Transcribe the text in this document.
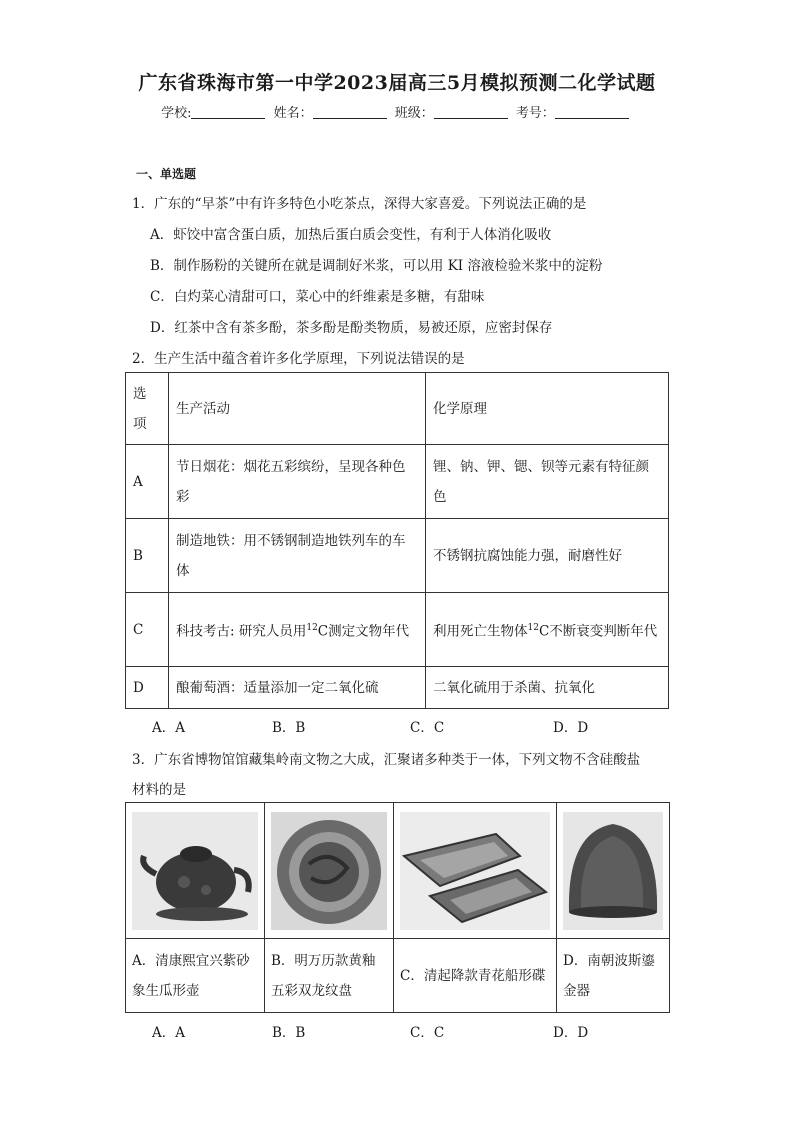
广东省珠海市第一中学2023届高三5月模拟预测二化学试题
学校:	姓名：	班级：	考号：
一、单选题
1．广东的“早茶”中有许多特色小吃茶点，深得大家喜爱。下列说法正确的是
A．虾饺中富含蛋白质，加热后蛋白质会变性，有利于人体消化吸收
B．制作肠粉的关键所在就是调制好米浆，可以用 KI 溶液检验米浆中的淀粉
C．白灼菜心清甜可口，菜心中的纤维素是多糖，有甜味
D．红茶中含有茶多酚，茶多酚是酚类物质，易被还原，应密封保存
2．生产生活中蕴含着许多化学原理，下列说法错误的是
选项	生产活动	化学原理
A	节日烟花：烟花五彩缤纷，呈现各种色彩	锂、钠、钾、锶、钡等元素有特征颜色
B	制造地铁：用不锈钢制造地铁列车的车体	不锈钢抗腐蚀能力强，耐磨性好
C	科技考古: 研究人员用$^{12}$C测定文物年代	利用死亡生物体$^{12}$C不断衰变判断年代
D	酿葡萄酒：适量添加一定二氧化硫	二氧化硫用于杀菌、抗氧化
A．A	B．B	C．C	D．D
3．广东省博物馆馆藏集岭南文物之大成，汇聚诸多种类于一体，下列文物不含硅酸盐
材料的是

A．清康熙宜兴紫砂象生瓜形壶	B．明万历款黄釉五彩双龙纹盘	C．清起降款青花船形碟	D．南朝波斯鎏金器
A．A	B．B	C．C	D．D
